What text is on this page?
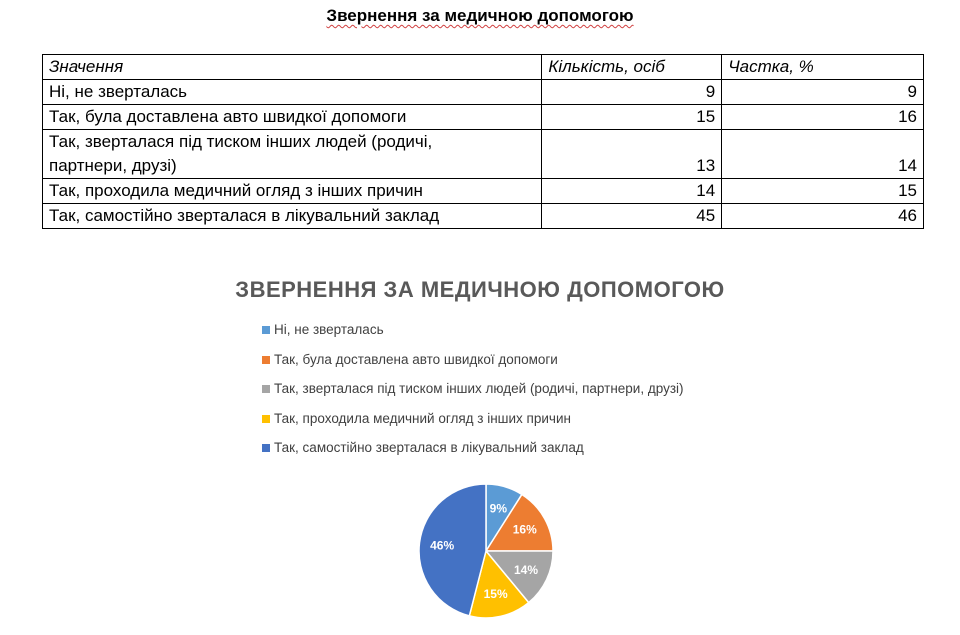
Звернення за медичною допомогою
Значення	Кількість, осіб	Частка, %
Ні, не зверталась	9	9
Так, була доставлена авто швидкої допомоги	15	16

Так, зверталася під тиском інших людей (родичі,
партнери, друзі)	13	14
Так, проходила медичний огляд з інших причин	14	15
Так, самостійно зверталася в лікувальний заклад	45	46
ЗВЕРНЕННЯ ЗА МЕДИЧНОЮ ДОПОМОГОЮ
Ні, не зверталась
Так, була доставлена авто швидкої допомоги
Так, зверталася під тиском інших людей (родичі, партнери, друзі)
Так, проходила медичний огляд з інших причин
Так, самостійно зверталася в лікувальний заклад
9%
16%
14%
15%
46%
